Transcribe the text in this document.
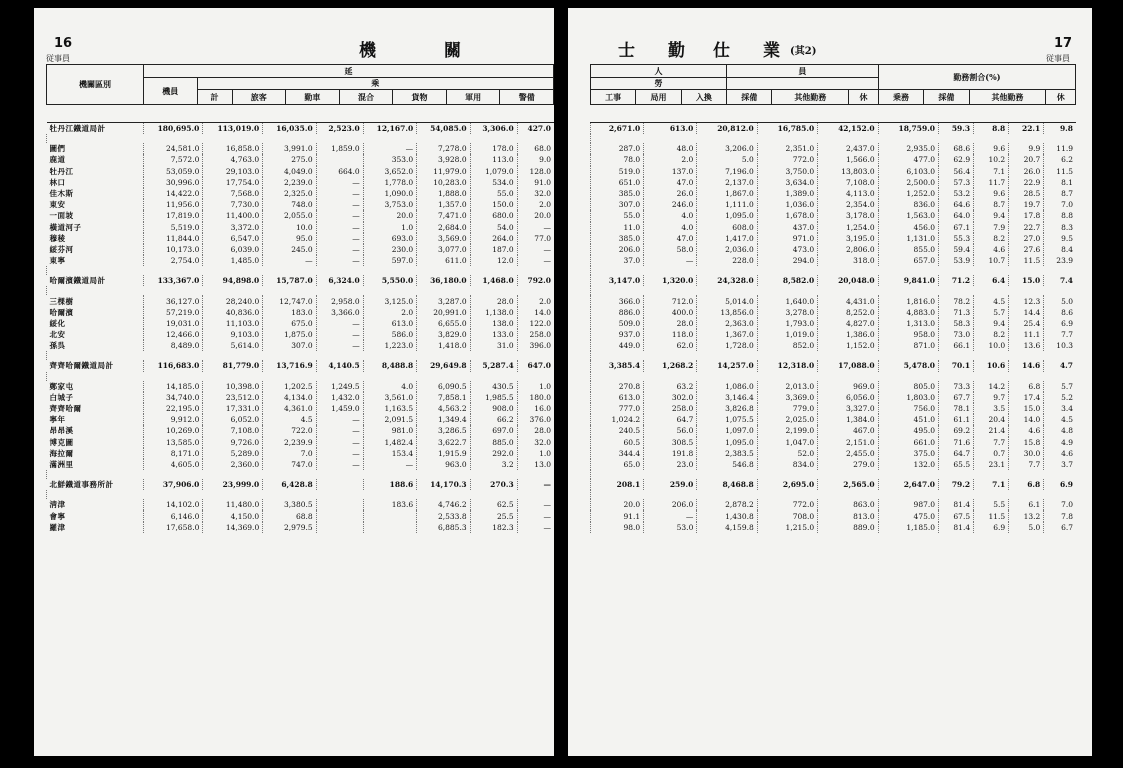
16
従事員	機	關
機關區別	延							
	機員	乘						
		計	旅客	勤車	混合	貨物	軍用	警備
牡丹江鐵道局計	180,695.0	113,019.0	16,035.0	2,523.0	12,167.0	54,085.0	3,306.0	427.0

圖們	24,581.0	16,858.0	3,991.0	1,859.0	—	7,278.0	178.0	68.0
鹿道	7,572.0	4,763.0	275.0		353.0	3,928.0	113.0	9.0
牡丹江	53,059.0	29,103.0	4,049.0	664.0	3,652.0	11,979.0	1,079.0	128.0
林口	30,996.0	17,754.0	2,239.0	—	1,778.0	10,283.0	534.0	91.0
佳木斯	14,422.0	7,568.0	2,325.0	—	1,090.0	1,888.0	55.0	32.0
東安	11,956.0	7,730.0	748.0	—	3,753.0	1,357.0	150.0	2.0
一面坡	17,819.0	11,400.0	2,055.0	—	20.0	7,471.0	680.0	20.0
橫道河子	5,519.0	3,372.0	10.0	—	1.0	2,684.0	54.0	—
穆稜	11,844.0	6,547.0	95.0	—	693.0	3,569.0	264.0	77.0
綏芬河	10,173.0	6,039.0	245.0	—	230.0	3,077.0	187.0	—
東寧	2,754.0	1,485.0	—	—	597.0	611.0	12.0	—

哈爾濱鐵道局計	133,367.0	94,898.0	15,787.0	6,324.0	5,550.0	36,180.0	1,468.0	792.0

三棵樹	36,127.0	28,240.0	12,747.0	2,958.0	3,125.0	3,287.0	28.0	2.0
哈爾濱	57,219.0	40,836.0	183.0	3,366.0	2.0	20,991.0	1,138.0	14.0
綏化	19,031.0	11,103.0	675.0	—	613.0	6,655.0	138.0	122.0
北安	12,466.0	9,103.0	1,875.0	—	586.0	3,829.0	133.0	258.0
孫呉	8,489.0	5,614.0	307.0	—	1,223.0	1,418.0	31.0	396.0

齊齊哈爾鐵道局計	116,683.0	81,779.0	13,716.9	4,140.5	8,488.8	29,649.8	5,287.4	647.0

鄭家屯	14,185.0	10,398.0	1,202.5	1,249.5	4.0	6,090.5	430.5	1.0
白城子	34,740.0	23,512.0	4,134.0	1,432.0	3,561.0	7,858.1	1,985.5	180.0
齊齊哈爾	22,195.0	17,331.0	4,361.0	1,459.0	1,163.5	4,563.2	908.0	16.0
寧年	9,912.0	6,052.0	4.5	—	2,091.5	1,349.4	66.2	376.0
昂昂溪	10,269.0	7,108.0	722.0	—	981.0	3,286.5	697.0	28.0
博克圖	13,585.0	9,726.0	2,239.9	—	1,482.4	3,622.7	885.0	32.0
海拉爾	8,171.0	5,289.0	7.0	—	153.4	1,915.9	292.0	1.0
滿洲里	4,605.0	2,360.0	747.0	—	—	963.0	3.2	13.0

北鮮鐵道事務所計	37,906.0	23,999.0	6,428.8		188.6	14,170.3	270.3	—

淸津	14,102.0	11,480.0	3,380.5		183.6	4,746.2	62.5	—
會寧	6,146.0	4,150.0	68.8			2,533.8	25.5	—
羅津	17,658.0	14,369.0	2,979.5			6,885.3	182.3	—
士 勤 仕 業 (其2)
17
従事員
人			員			勤務割合(%)			
勞									
工事	局用	入換	採備	其他勤務	休	乗務	採備	其他勤務	休
2,671.0	613.0	20,812.0	16,785.0	42,152.0	18,759.0	59.3	8.8	22.1	9.8

287.0	48.0	3,206.0	2,351.0	2,437.0	2,935.0	68.6	9.6	9.9	11.9
78.0	2.0	5.0	772.0	1,566.0	477.0	62.9	10.2	20.7	6.2
519.0	137.0	7,196.0	3,750.0	13,803.0	6,103.0	56.4	7.1	26.0	11.5
651.0	47.0	2,137.0	3,634.0	7,108.0	2,500.0	57.3	11.7	22.9	8.1
385.0	26.0	1,867.0	1,389.0	4,113.0	1,252.0	53.2	9.6	28.5	8.7
307.0	246.0	1,111.0	1,036.0	2,354.0	836.0	64.6	8.7	19.7	7.0
55.0	4.0	1,095.0	1,678.0	3,178.0	1,563.0	64.0	9.4	17.8	8.8
11.0	4.0	608.0	437.0	1,254.0	456.0	67.1	7.9	22.7	8.3
385.0	47.0	1,417.0	971.0	3,195.0	1,131.0	55.3	8.2	27.0	9.5
206.0	58.0	2,036.0	473.0	2,806.0	855.0	59.4	4.6	27.6	8.4
37.0	—	228.0	294.0	318.0	657.0	53.9	10.7	11.5	23.9

3,147.0	1,320.0	24,328.0	8,582.0	20,048.0	9,841.0	71.2	6.4	15.0	7.4

366.0	712.0	5,014.0	1,640.0	4,431.0	1,816.0	78.2	4.5	12.3	5.0
886.0	400.0	13,856.0	3,278.0	8,252.0	4,883.0	71.3	5.7	14.4	8.6
509.0	28.0	2,363.0	1,793.0	4,827.0	1,313.0	58.3	9.4	25.4	6.9
937.0	118.0	1,367.0	1,019.0	1,386.0	958.0	73.0	8.2	11.1	7.7
449.0	62.0	1,728.0	852.0	1,152.0	871.0	66.1	10.0	13.6	10.3

3,385.4	1,268.2	14,257.0	12,318.0	17,088.0	5,478.0	70.1	10.6	14.6	4.7

270.8	63.2	1,086.0	2,013.0	969.0	805.0	73.3	14.2	6.8	5.7
613.0	302.0	3,146.4	3,369.0	6,056.0	1,803.0	67.7	9.7	17.4	5.2
777.0	258.0	3,826.8	779.0	3,327.0	756.0	78.1	3.5	15.0	3.4
1,024.2	64.7	1,075.5	2,025.0	1,384.0	451.0	61.1	20.4	14.0	4.5
240.5	56.0	1,097.0	2,199.0	467.0	495.0	69.2	21.4	4.6	4.8
60.5	308.5	1,095.0	1,047.0	2,151.0	661.0	71.6	7.7	15.8	4.9
344.4	191.8	2,383.5	52.0	2,455.0	375.0	64.7	0.7	30.0	4.6
65.0	23.0	546.8	834.0	279.0	132.0	65.5	23.1	7.7	3.7

208.1	259.0	8,468.8	2,695.0	2,565.0	2,647.0	79.2	7.1	6.8	6.9

20.0	206.0	2,878.2	772.0	863.0	987.0	81.4	5.5	6.1	7.0
91.1	—	1,430.8	708.0	813.0	475.0	67.5	11.5	13.2	7.8
98.0	53.0	4,159.8	1,215.0	889.0	1,185.0	81.4	6.9	5.0	6.7
